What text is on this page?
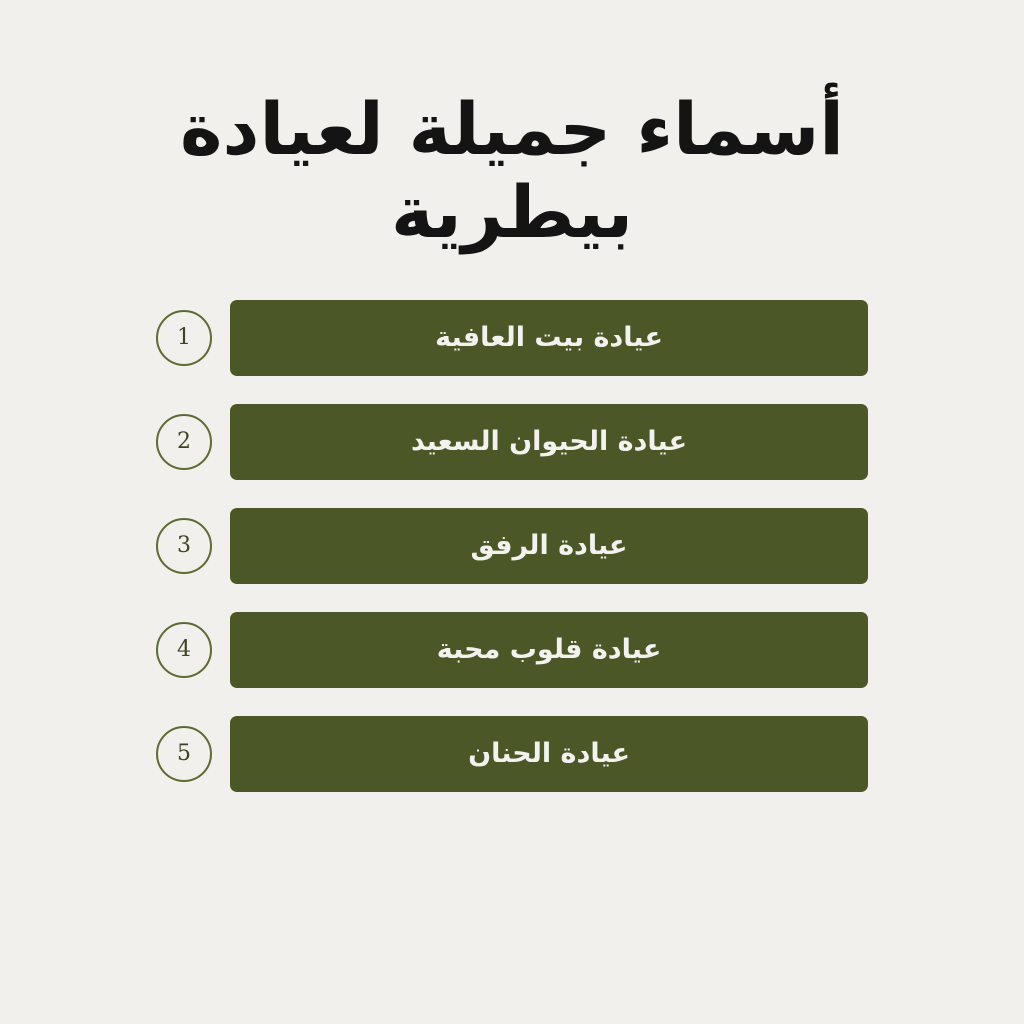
أسماء جميلة لعيادة بيطرية
1	عيادة بيت العافية
2	عيادة الحيوان السعيد
3	عيادة الرفق
4	عيادة قلوب محبة
5	عيادة الحنان
